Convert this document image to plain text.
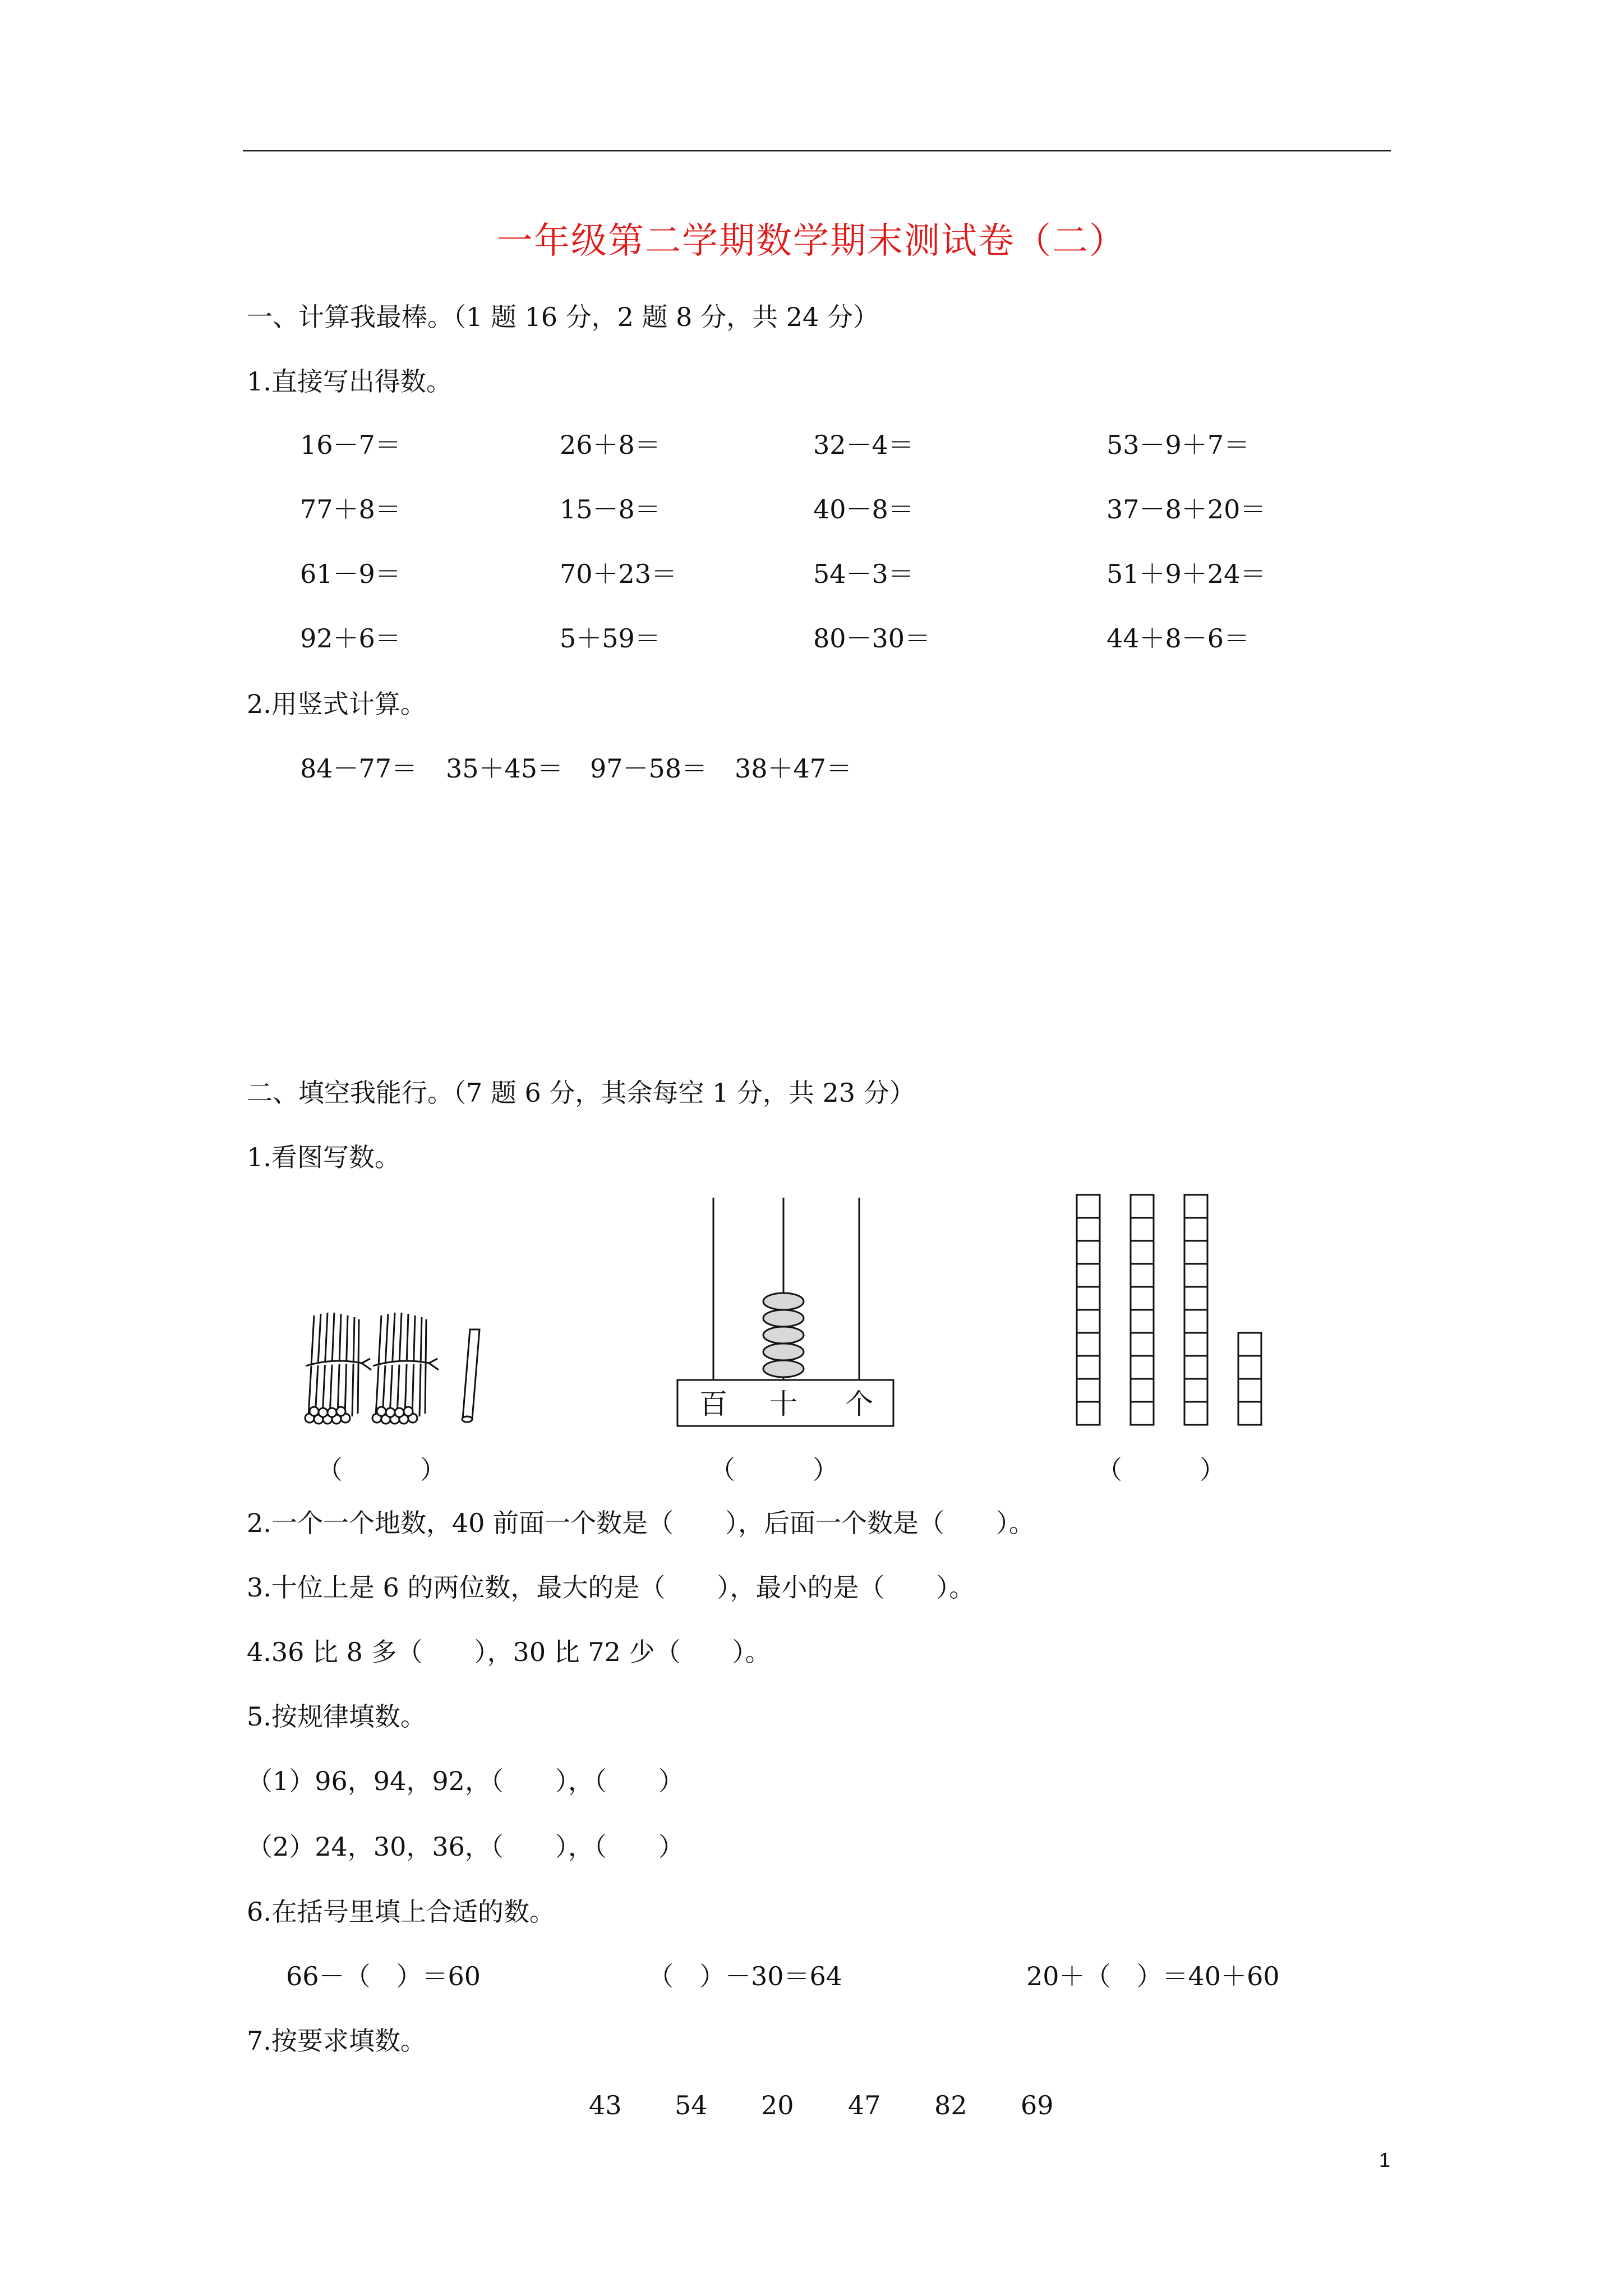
一年级第二学期数学期末测试卷（二）
一、计算我最棒。（1 题 16 分，2 题 8 分，共 24 分）
1.直接写出得数。
16－7＝	26＋8＝	32－4＝	53－9＋7＝
77＋8＝	15－8＝	40－8＝	37－8＋20＝
61－9＝	70＋23＝	54－3＝	51＋9＋24＝
92＋6＝	5＋59＝	80－30＝	44＋8－6＝
2.用竖式计算。
84－77＝ 35＋45＝ 97－58＝ 38＋47＝
二、填空我能行。（7 题 6 分，其余每空 1 分，共 23 分）
1.看图写数。
百 十 个
（　　　）	（　　　）	（　　　）
2.一个一个地数，40 前面一个数是（　　），后面一个数是（　　）。
3.十位上是 6 的两位数，最大的是（　　），最小的是（　　）。
4.36 比 8 多（　　），30 比 72 少（　　）。
5.按规律填数。
（1）96，94，92，（　　），（　　）
（2）24，30，36，（　　），（　　）
6.在括号里填上合适的数。
66－（　）＝60	（　）－30＝64	20＋（　）＝40＋60
7.按要求填数。
43 54 20 47 82 69
1
